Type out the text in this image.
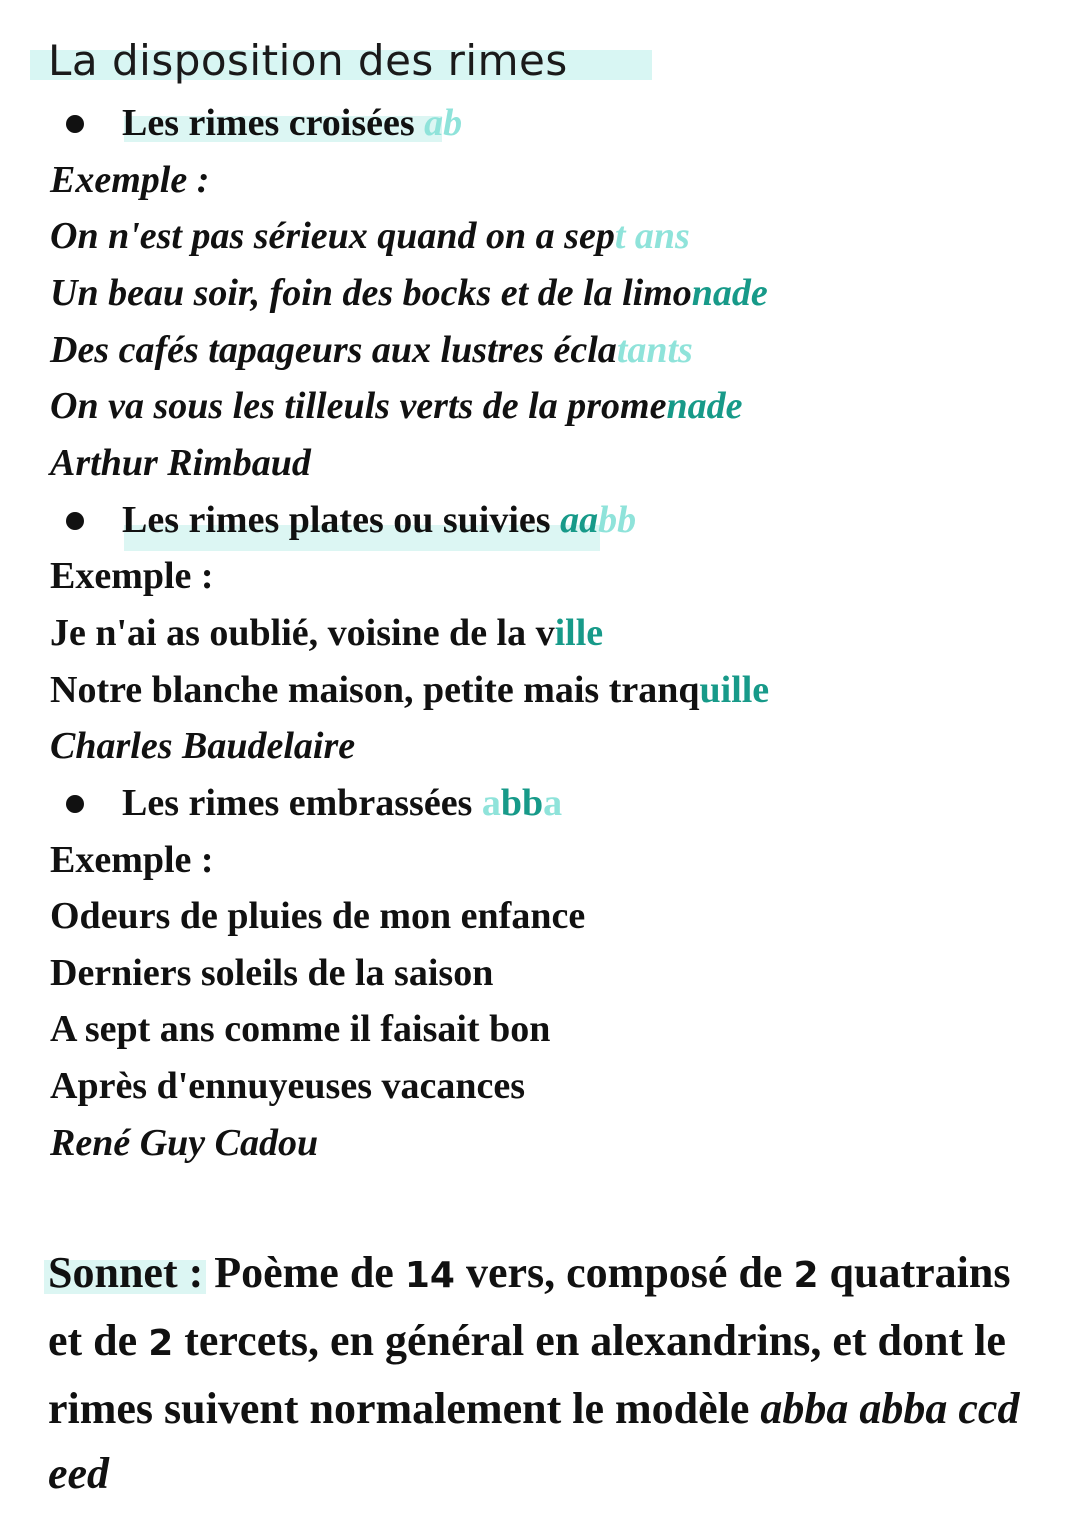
La disposition des rimes
Les rimes croisées ab
Exemple :
On n'est pas sérieux quand on a sept ans
Un beau soir, foin des bocks et de la limonade
Des cafés tapageurs aux lustres éclatants
On va sous les tilleuls verts de la promenade
Arthur Rimbaud
Les rimes plates ou suivies aabb
Exemple :
Je n'ai as oublié, voisine de la ville
Notre blanche maison, petite mais tranquille
Charles Baudelaire
Les rimes embrassées abba
Exemple :
Odeurs de pluies de mon enfance
Derniers soleils de la saison
A sept ans comme il faisait bon
Après d'ennuyeuses vacances
René Guy Cadou
Sonnet : Poème de 14 vers, composé de 2 quatrains et de 2 tercets, en général en alexandrins, et dont le rimes suivent normalement le modèle abba abba ccd eed
